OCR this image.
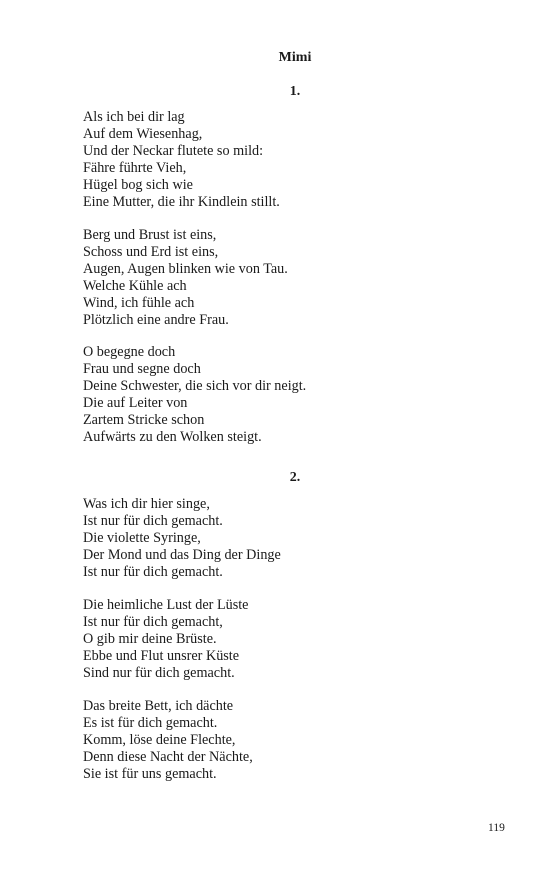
Mimi
1.
Als ich bei dir lag
Auf dem Wiesenhag,
Und der Neckar flutete so mild:
Fähre führte Vieh,
Hügel bog sich wie
Eine Mutter, die ihr Kindlein stillt.
Berg und Brust ist eins,
Schoss und Erd ist eins,
Augen, Augen blinken wie von Tau.
Welche Kühle ach
Wind, ich fühle ach
Plötzlich eine andre Frau.
O begegne doch
Frau und segne doch
Deine Schwester, die sich vor dir neigt.
Die auf Leiter von
Zartem Stricke schon
Aufwärts zu den Wolken steigt.
2.
Was ich dir hier singe,
Ist nur für dich gemacht.
Die violette Syringe,
Der Mond und das Ding der Dinge
Ist nur für dich gemacht.
Die heimliche Lust der Lüste
Ist nur für dich gemacht,
O gib mir deine Brüste.
Ebbe und Flut unsrer Küste
Sind nur für dich gemacht.
Das breite Bett, ich dächte
Es ist für dich gemacht.
Komm, löse deine Flechte,
Denn diese Nacht der Nächte,
Sie ist für uns gemacht.
119
